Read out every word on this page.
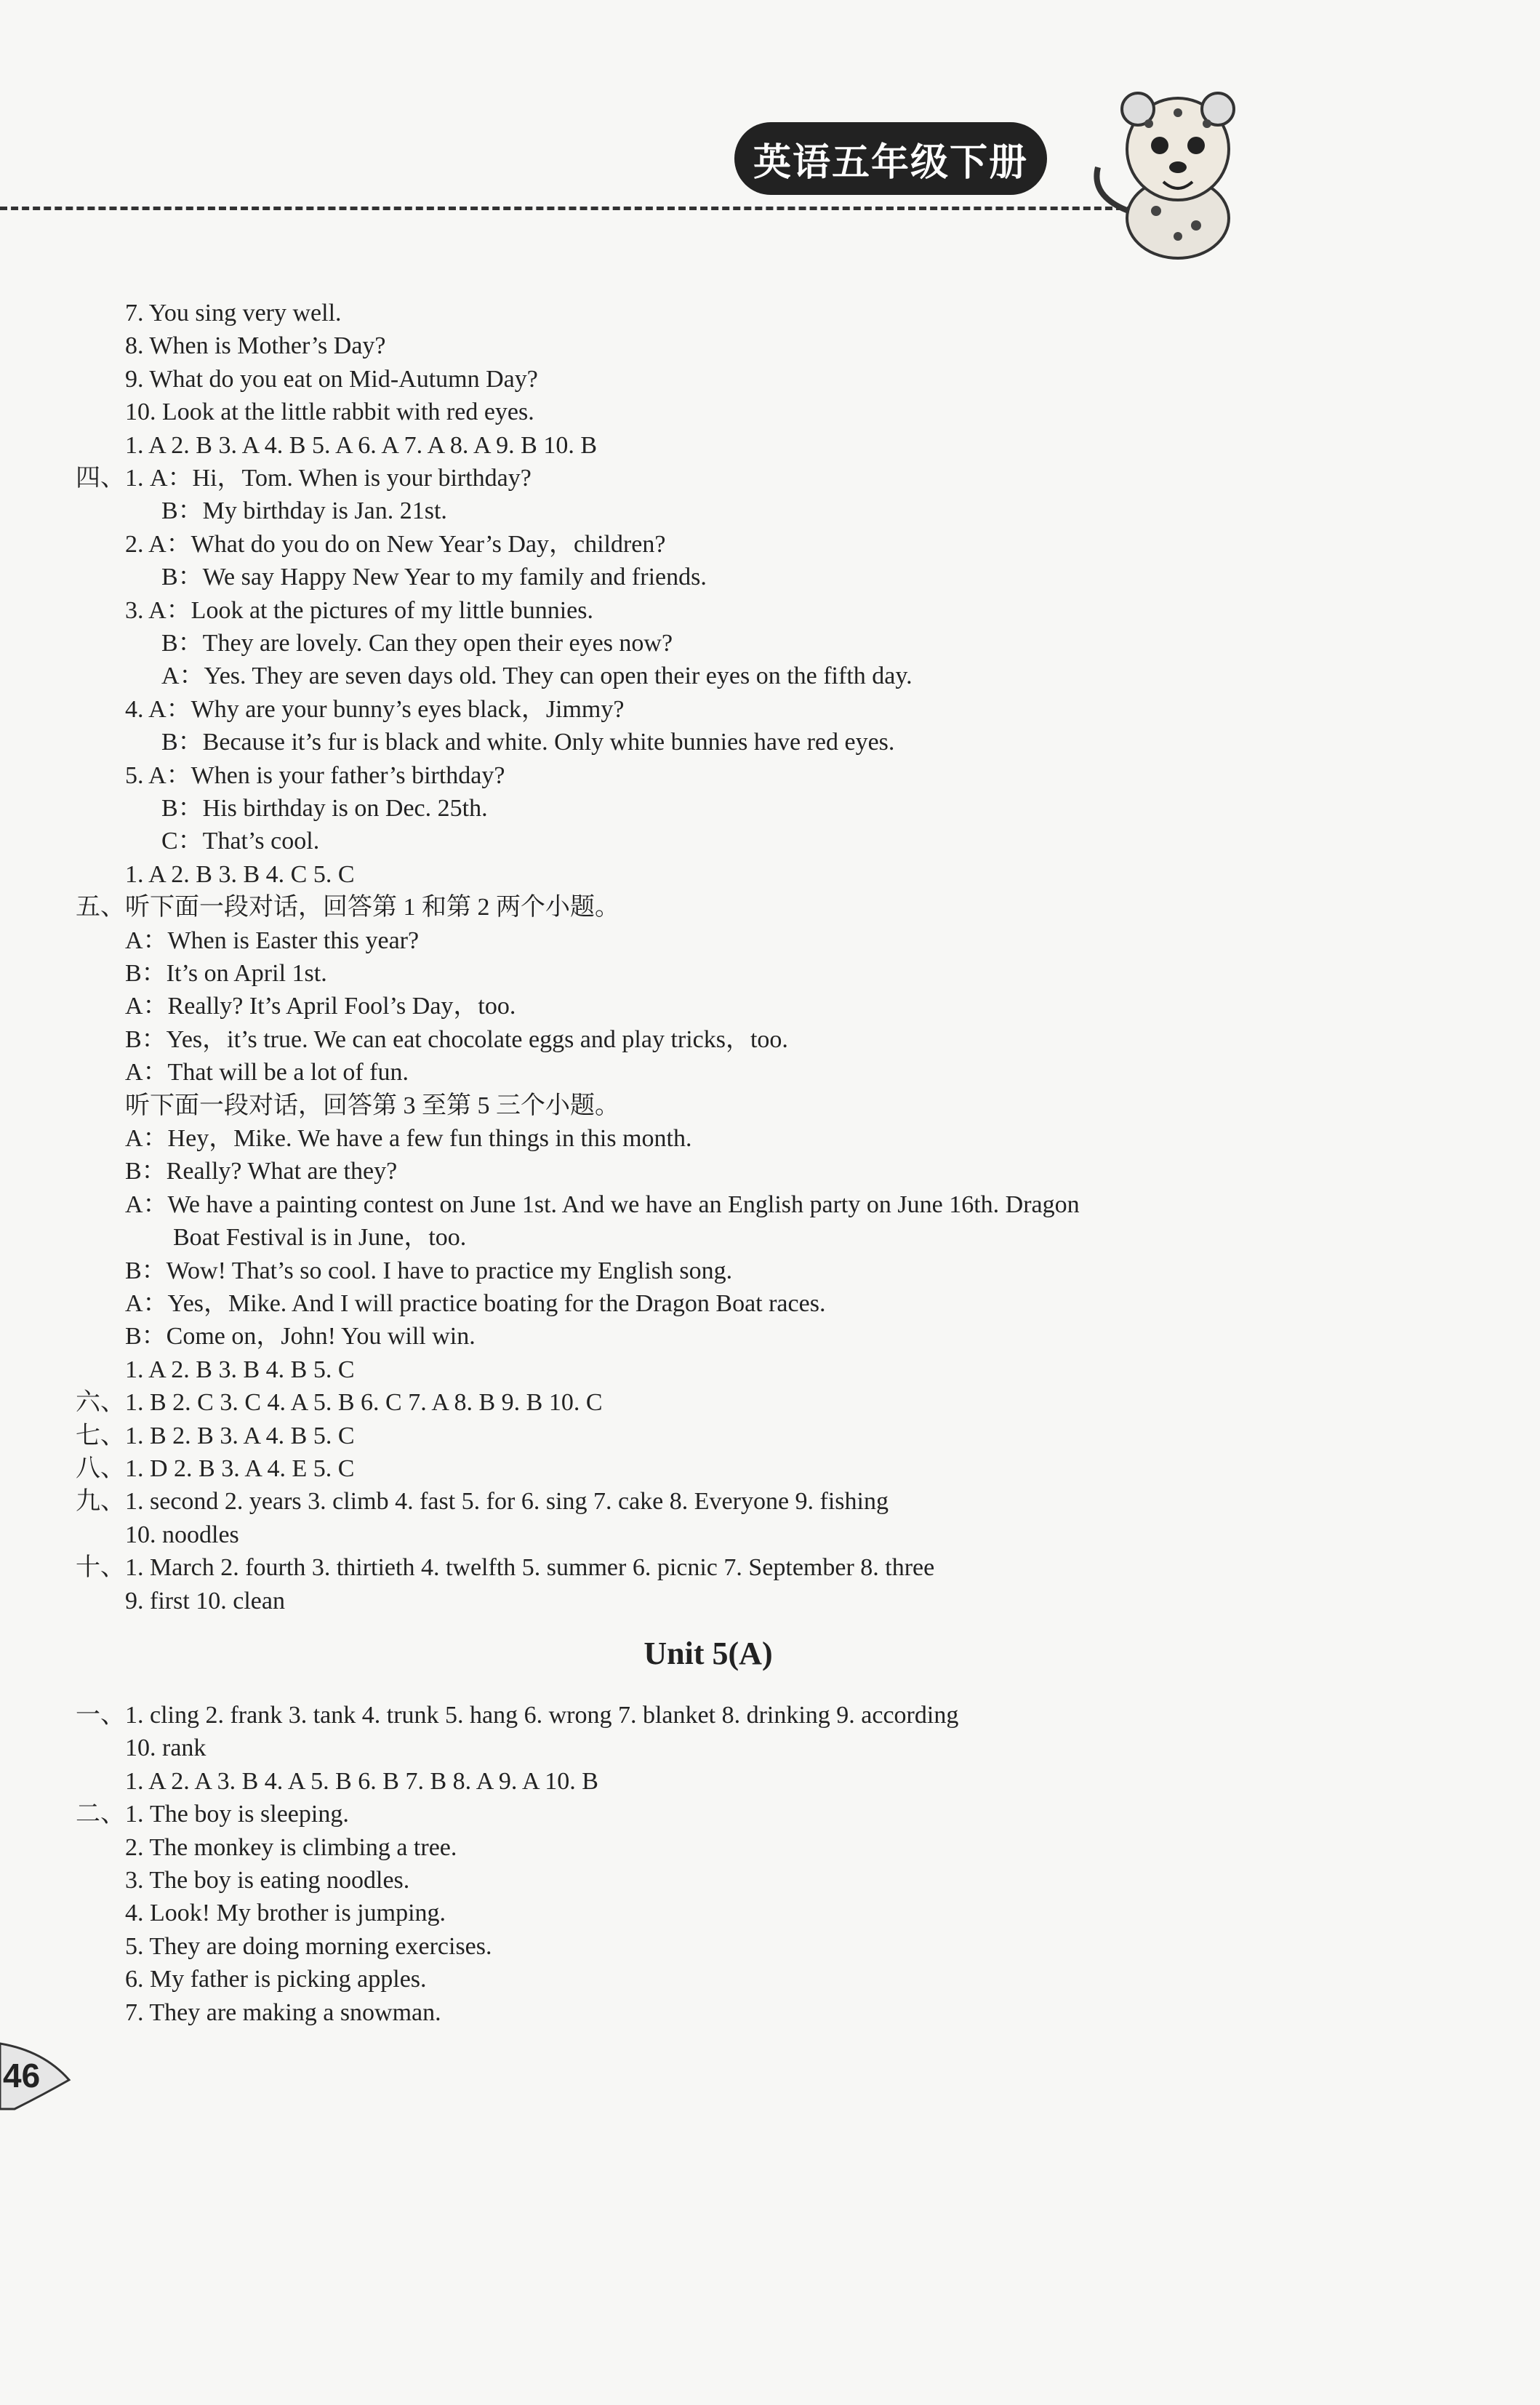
英语五年级下册
7. You sing very well.
8. When is Mother’s Day?
9. What do you eat on Mid-Autumn Day?
10. Look at the little rabbit with red eyes.
1. A 2. B 3. A 4. B 5. A 6. A 7. A 8. A 9. B 10. B
四、1. A：Hi，Tom. When is your birthday?
B：My birthday is Jan. 21st.
2. A：What do you do on New Year’s Day，children?
B：We say Happy New Year to my family and friends.
3. A：Look at the pictures of my little bunnies.
B：They are lovely. Can they open their eyes now?
A：Yes. They are seven days old. They can open their eyes on the fifth day.
4. A：Why are your bunny’s eyes black，Jimmy?
B：Because it’s fur is black and white. Only white bunnies have red eyes.
5. A：When is your father’s birthday?
B：His birthday is on Dec. 25th.
C：That’s cool.
1. A 2. B 3. B 4. C 5. C
五、听下面一段对话，回答第 1 和第 2 两个小题。
A：When is Easter this year?
B：It’s on April 1st.
A：Really? It’s April Fool’s Day，too.
B：Yes，it’s true. We can eat chocolate eggs and play tricks，too.
A：That will be a lot of fun.
听下面一段对话，回答第 3 至第 5 三个小题。
A：Hey，Mike. We have a few fun things in this month.
B：Really? What are they?
A：We have a painting contest on June 1st. And we have an English party on June 16th. Dragon
Boat Festival is in June，too.
B：Wow! That’s so cool. I have to practice my English song.
A：Yes，Mike. And I will practice boating for the Dragon Boat races.
B：Come on，John! You will win.
1. A 2. B 3. B 4. B 5. C
六、1. B 2. C 3. C 4. A 5. B 6. C 7. A 8. B 9. B 10. C
七、1. B 2. B 3. A 4. B 5. C
八、1. D 2. B 3. A 4. E 5. C
九、1. second 2. years 3. climb 4. fast 5. for 6. sing 7. cake 8. Everyone 9. fishing
10. noodles
十、1. March 2. fourth 3. thirtieth 4. twelfth 5. summer 6. picnic 7. September 8. three
9. first 10. clean
Unit 5(A)
一、1. cling 2. frank 3. tank 4. trunk 5. hang 6. wrong 7. blanket 8. drinking 9. according
10. rank
1. A 2. A 3. B 4. A 5. B 6. B 7. B 8. A 9. A 10. B
二、1. The boy is sleeping.
2. The monkey is climbing a tree.
3. The boy is eating noodles.
4. Look! My brother is jumping.
5. They are doing morning exercises.
6. My father is picking apples.
7. They are making a snowman.
46
